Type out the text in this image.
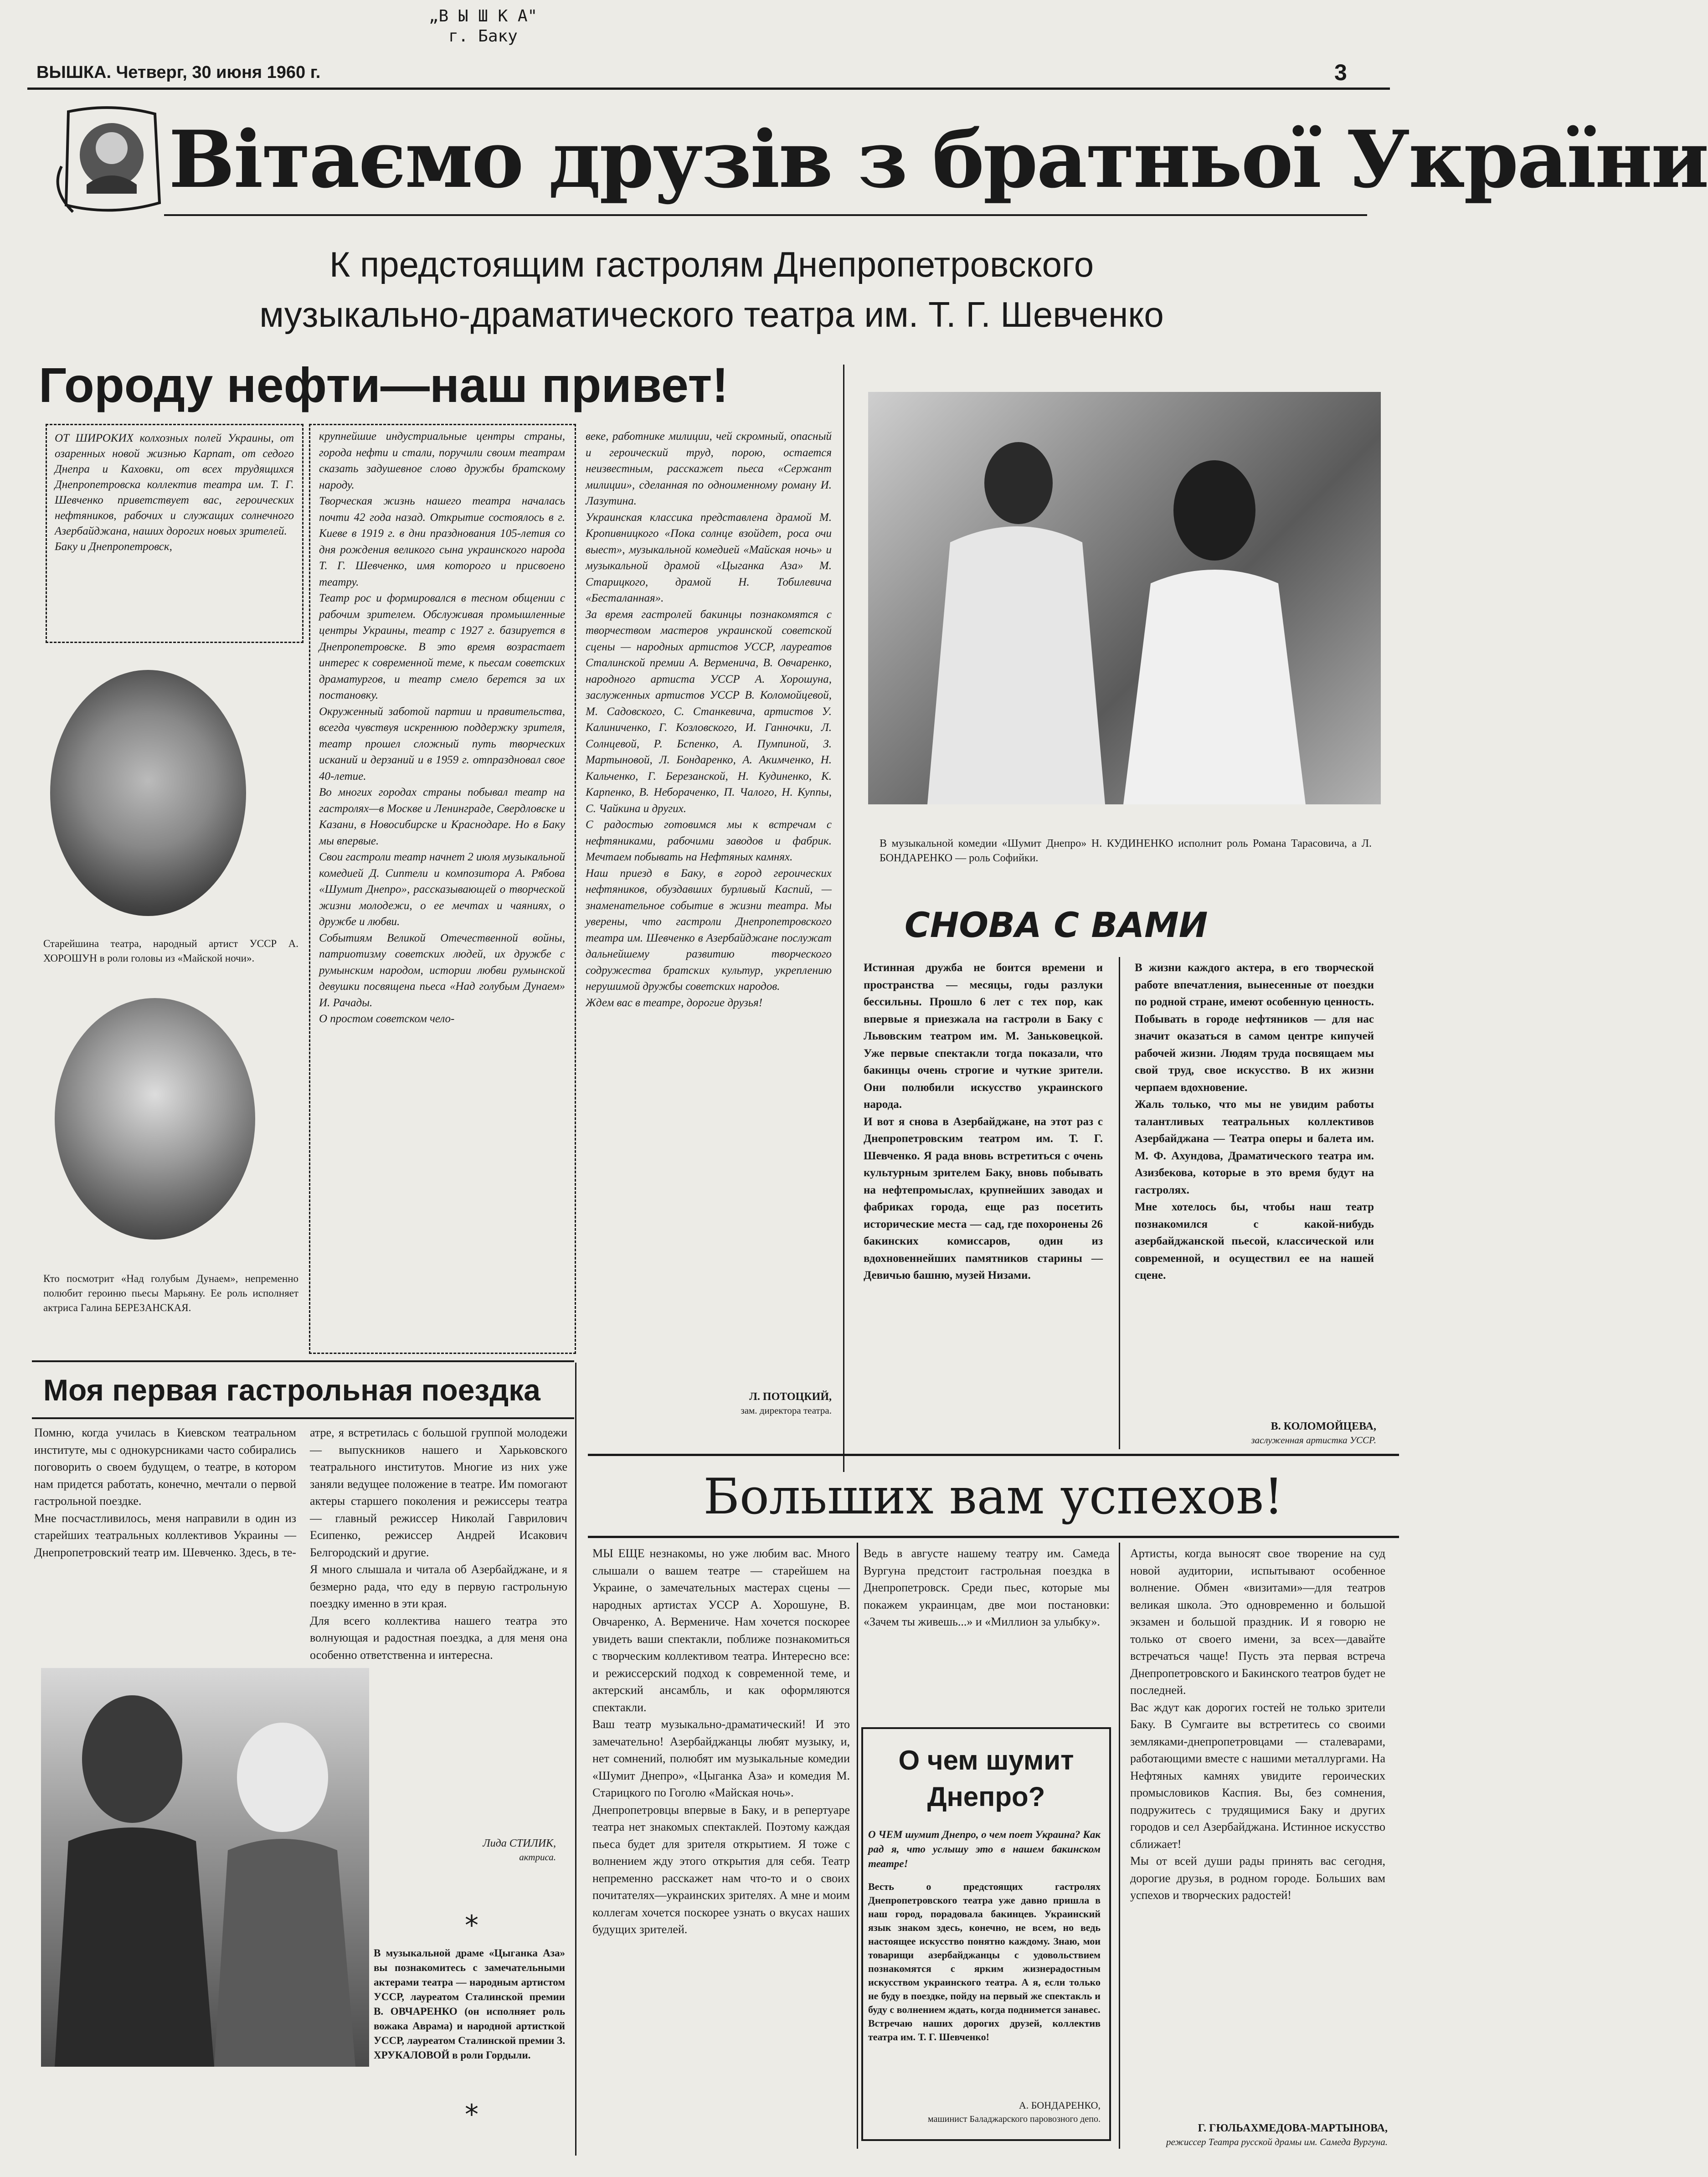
„В Ы Ш К А"
г. Баку
ВЫШКА. Четверг, 30 июня 1960 г.	3
Вітаємо друзів з братньої України
К предстоящим гастролям Днепропетровского
музыкально-драматического театра им. Т. Г. Шевченко
Городу нефти—наш привет!
ОТ ШИРОКИХ колхозных полей Украины, от озаренных новой жизнью Карпат, от седого Днепра и Каховки, от всех трудящихся Днепропетровска коллектив театра им. Т. Г. Шевченко приветствует вас, героических нефтяников, рабочих и служащих солнечного Азербайджана, наших дорогих новых зрителей.
Баку и Днепропетровск,
Старейшина театра, народный артист УССР А. ХОРОШУН в роли головы из «Майской ночи».
Кто посмотрит «Над голубым Дунаем», непременно полюбит героиню пьесы Марьяну. Ее роль исполняет актриса Галина БЕРЕЗАНСКАЯ.
крупнейшие индустриальные центры страны, города нефти и стали, поручили своим театрам сказать задушевное слово дружбы братскому народу.
Творческая жизнь нашего театра началась почти 42 года назад. Открытие состоялось в г. Киеве в 1919 г. в дни празднования 105-летия со дня рождения великого сына украинского народа Т. Г. Шевченко, имя которого и присвоено театру.
Театр рос и формировался в тесном общении с рабочим зрителем. Обслуживая промышленные центры Украины, театр с 1927 г. базируется в Днепропетровске. В это время возрастает интерес к современной теме, к пьесам советских драматургов, и театр смело берется за их постановку.
Окруженный заботой партии и правительства, всегда чувствуя искреннюю поддержку зрителя, театр прошел сложный путь творческих исканий и дерзаний и в 1959 г. отпраздновал свое 40-летие.
Во многих городах страны побывал театр на гастролях—в Москве и Ленинграде, Свердловске и Казани, в Новосибирске и Краснодаре. Но в Баку мы впервые.
Свои гастроли театр начнет 2 июля музыкальной комедией Д. Сиптели и композитора А. Рябова «Шумит Днепро», рассказывающей о творческой жизни молодежи, о ее мечтах и чаяниях, о дружбе и любви.
Событиям Великой Отечественной войны, патриотизму советских людей, их дружбе с румынским народом, истории любви румынской девушки посвящена пьеса «Над голубым Дунаем» И. Рачады.
О простом советском чело-
веке, работнике милиции, чей скромный, опасный и героический труд, порою, остается неизвестным, расскажет пьеса «Сержант милиции», сделанная по одноименному роману И. Лазутина.
Украинская классика представлена драмой М. Кропивницкого «Пока солнце взойдет, роса очи выест», музыкальной комедией «Майская ночь» и музыкальной драмой «Цыганка Аза» М. Старицкого, драмой Н. Тобилевича «Бесталанная».
За время гастролей бакинцы познакомятся с творчеством мастеров украинской советской сцены — народных артистов УССР, лауреатов Сталинской премии А. Верменича, В. Овчаренко, народного артиста УССР А. Хорошуна, заслуженных артистов УССР В. Коломойцевой, М. Садовского, С. Станкевича, артистов У. Калиниченко, Г. Козловского, И. Ганночки, Л. Солнцевой, Р. Бспенко, А. Пумпиной, З. Мартыновой, Л. Бондаренко, А. Акимченко, Н. Кальченко, Г. Березанской, Н. Кудиненко, К. Карпенко, В. Небораченко, П. Чалого, Н. Куппы, С. Чайкина и других.
С радостью готовимся мы к встречам с нефтяниками, рабочими заводов и фабрик. Мечтаем побывать на Нефтяных камнях.
Наш приезд в Баку, в город героических нефтяников, обуздавших бурливый Каспий, — знаменательное событие в жизни театра. Мы уверены, что гастроли Днепропетровского театра им. Шевченко в Азербайджане послужат дальнейшему развитию творческого содружества братских культур, укреплению нерушимой дружбы советских народов.
Ждем вас в театре, дорогие друзья!
Л. ПОТОЦКИЙ,
зам. директора театра.
В музыкальной комедии «Шумит Днепро» Н. КУДИНЕНКО исполнит роль Романа Тарасовича, а Л. БОНДАРЕНКО — роль Софийки.
СНОВА С ВАМИ
Истинная дружба не боится времени и пространства — месяцы, годы разлуки бессильны. Прошло 6 лет с тех пор, как впервые я приезжала на гастроли в Баку с Львовским театром им. М. Заньковецкой. Уже первые спектакли тогда показали, что бакинцы очень строгие и чуткие зрители. Они полюбили искусство украинского народа.
И вот я снова в Азербайджане, на этот раз с Днепропетровским театром им. Т. Г. Шевченко. Я рада вновь встретиться с очень культурным зрителем Баку, вновь побывать на нефтепромыслах, крупнейших заводах и фабриках города, еще раз посетить исторические места — сад, где похоронены 26 бакинских комиссаров, один из вдохновеннейших памятников старины — Девичью башню, музей Низами.
В жизни каждого актера, в его творческой работе впечатления, вынесенные от поездки по родной стране, имеют особенную ценность. Побывать в городе нефтяников — для нас значит оказаться в самом центре кипучей рабочей жизни. Людям труда посвящаем мы свой труд, свое искусство. В их жизни черпаем вдохновение.
Жаль только, что мы не увидим работы талантливых театральных коллективов Азербайджана — Театра оперы и балета им. М. Ф. Ахундова, Драматического театра им. Азизбекова, которые в это время будут на гастролях.
Мне хотелось бы, чтобы наш театр познакомился с какой-нибудь азербайджанской пьесой, классической или современной, и осуществил ее на нашей сцене.
В. КОЛОМОЙЦЕВА,
заслуженная артистка УССР.
Моя первая гастрольная поездка
Помню, когда училась в Киевском театральном институте, мы с однокурсниками часто собирались поговорить о своем будущем, о театре, в котором нам придется работать, конечно, мечтали о первой гастрольной поездке.
Мне посчастливилось, меня направили в один из старейших театральных коллективов Украины — Днепропетровский театр им. Шевченко. Здесь, в те-
атре, я встретилась с большой группой молодежи — выпускников нашего и Харьковского театрального институтов. Многие из них уже заняли ведущее положение в театре. Им помогают актеры старшего поколения и режиссеры театра — главный режиссер Николай Гаврилович Есипенко, режиссер Андрей Исакович Белгородский и другие.
Я много слышала и читала об Азербайджане, и я безмерно рада, что еду в первую гастрольную поездку именно в эти края.
Для всего коллектива нашего театра это волнующая и радостная поездка, а для меня она особенно ответственна и интересна.
Лида СТИЛИК,
актриса.
*
В музыкальной драме «Цыганка Аза» вы познакомитесь с замечательными актерами театра — народным артистом УССР, лауреатом Сталинской премии В. ОВЧАРЕНКО (он исполняет роль вожака Аврама) и народной артисткой УССР, лауреатом Сталинской премии З. ХРУКАЛОВОЙ в роли Гордыли.
*
Больших вам успехов!
МЫ ЕЩЕ незнакомы, но уже любим вас. Много слышали о вашем театре — старейшем на Украине, о замечательных мастерах сцены — народных артистах УССР А. Хорошуне, В. Овчаренко, А. Вермениче. Нам хочется поскорее увидеть ваши спектакли, поближе познакомиться с творческим коллективом театра. Интересно все: и режиссерский подход к современной теме, и актерский ансамбль, и как оформляются спектакли.
Ваш театр музыкально-драматический! И это замечательно! Азербайджанцы любят музыку, и, нет сомнений, полюбят им музыкальные комедии «Шумит Днепро», «Цыганка Аза» и комедия М. Старицкого по Гоголю «Майская ночь».
Днепропетровцы впервые в Баку, и в репертуаре театра нет знакомых спектаклей. Поэтому каждая пьеса будет для зрителя открытием. Я тоже с волнением жду этого открытия для себя. Театр непременно расскажет нам что-то и о своих почитателях—украинских зрителях. А мне и моим коллегам хочется поскорее узнать о вкусах наших будущих зрителей.
Ведь в августе нашему театру им. Самеда Вургуна предстоит гастрольная поездка в Днепропетровск. Среди пьес, которые мы покажем украинцам, две мои постановки: «Зачем ты живешь...» и «Миллион за улыбку».
О чем шумит
Днепро?
О ЧЕМ шумит Днепро, о чем поет Украина? Как рад я, что услышу это в нашем бакинском театре!
Весть о предстоящих гастролях Днепропетровского театра уже давно пришла в наш город, порадовала бакинцев. Украинский язык знаком здесь, конечно, не всем, но ведь настоящее искусство понятно каждому. Знаю, мои товарищи азербайджанцы с удовольствием познакомятся с ярким жизнерадостным искусством украинского театра. А я, если только не буду в поездке, пойду на первый же спектакль и буду с волнением ждать, когда поднимется занавес.
Встречаю наших дорогих друзей, коллектив театра им. Т. Г. Шевченко!
А. БОНДАРЕНКО,
машинист Баладжарского паровозного депо.
Артисты, когда выносят свое творение на суд новой аудитории, испытывают особенное волнение. Обмен «визитами»—для театров великая школа. Это одновременно и большой экзамен и большой праздник. И я говорю не только от своего имени, за всех—давайте встречаться чаще! Пусть эта первая встреча Днепропетровского и Бакинского театров будет не последней.
Вас ждут как дорогих гостей не только зрители Баку. В Сумгаите вы встретитесь со своими земляками-днепропетровцами — сталеварами, работающими вместе с нашими металлургами. На Нефтяных камнях увидите героических промысловиков Каспия. Вы, без сомнения, подружитесь с трудящимися Баку и других городов и сел Азербайджана. Истинное искусство сближает!
Мы от всей души рады принять вас сегодня, дорогие друзья, в родном городе. Больших вам успехов и творческих радостей!
Г. ГЮЛЬАХМЕДОВА-МАРТЫНОВА,
режиссер Театра русской драмы им. Самеда Вургуна.
